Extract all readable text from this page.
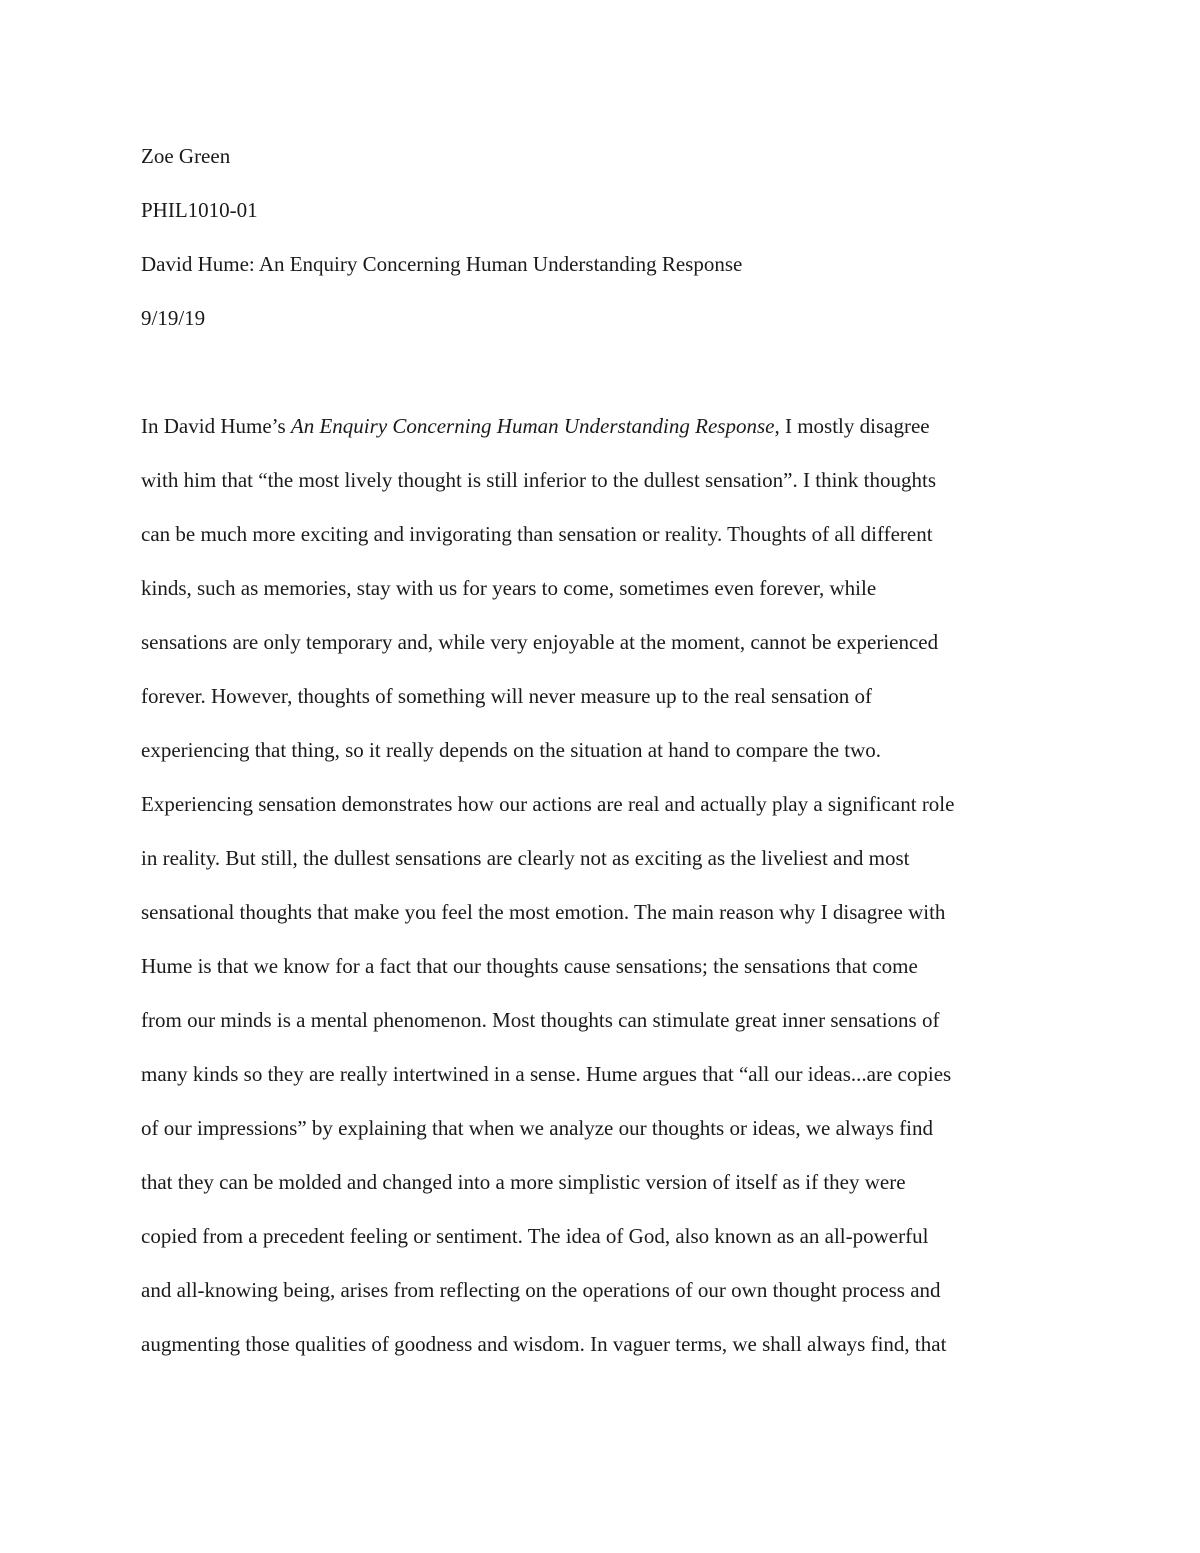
Zoe Green

PHIL1010-01

David Hume: An Enquiry Concerning Human Understanding Response

9/19/19

In David Hume’s An Enquiry Concerning Human Understanding Response, I mostly disagree

with him that “the most lively thought is still inferior to the dullest sensation”. I think thoughts

can be much more exciting and invigorating than sensation or reality. Thoughts of all different

kinds, such as memories, stay with us for years to come, sometimes even forever, while

sensations are only temporary and, while very enjoyable at the moment, cannot be experienced

forever. However, thoughts of something will never measure up to the real sensation of

experiencing that thing, so it really depends on the situation at hand to compare the two.

Experiencing sensation demonstrates how our actions are real and actually play a significant role

in reality. But still, the dullest sensations are clearly not as exciting as the liveliest and most

sensational thoughts that make you feel the most emotion. The main reason why I disagree with

Hume is that we know for a fact that our thoughts cause sensations; the sensations that come

from our minds is a mental phenomenon. Most thoughts can stimulate great inner sensations of

many kinds so they are really intertwined in a sense. Hume argues that “all our ideas...are copies

of our impressions” by explaining that when we analyze our thoughts or ideas, we always find

that they can be molded and changed into a more simplistic version of itself as if they were

copied from a precedent feeling or sentiment. The idea of God, also known as an all-powerful

and all-knowing being, arises from reflecting on the operations of our own thought process and

augmenting those qualities of goodness and wisdom. In vaguer terms, we shall always find, that
